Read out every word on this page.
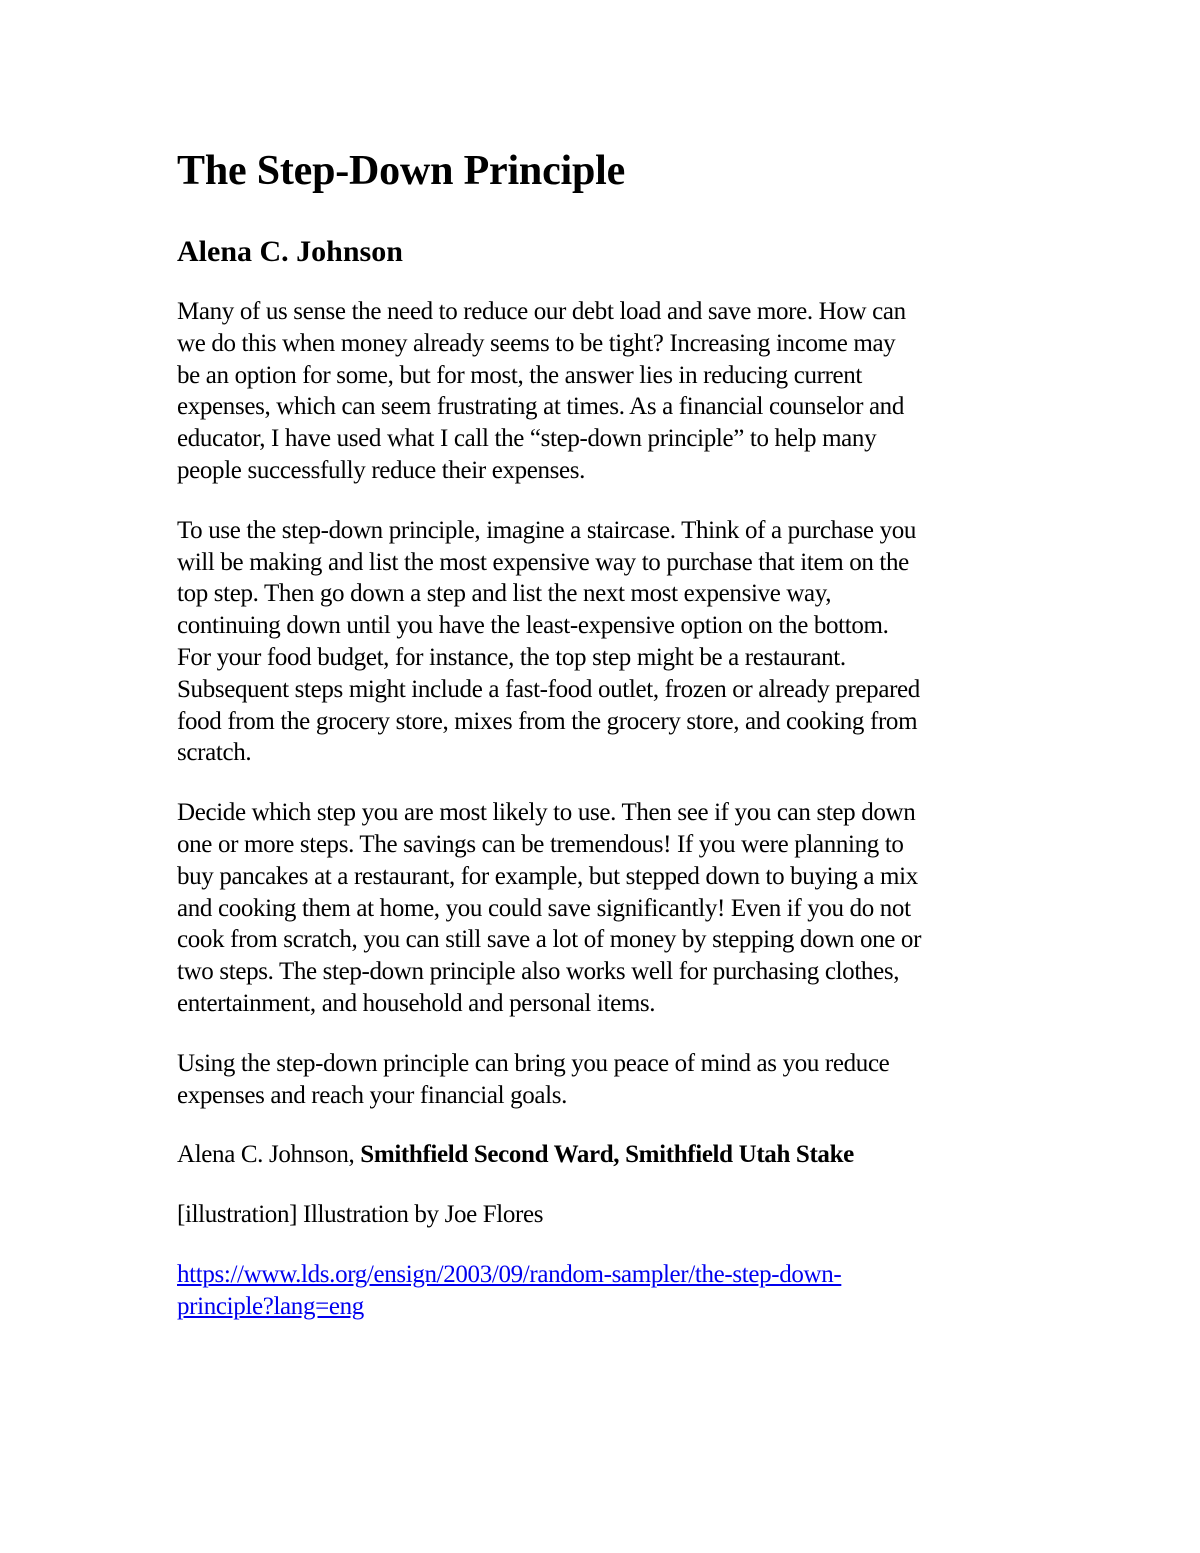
The Step-Down Principle
Alena C. Johnson
Many of us sense the need to reduce our debt load and save more. How can
we do this when money already seems to be tight? Increasing income may
be an option for some, but for most, the answer lies in reducing current
expenses, which can seem frustrating at times. As a financial counselor and
educator, I have used what I call the “step-down principle” to help many
people successfully reduce their expenses.
To use the step-down principle, imagine a staircase. Think of a purchase you
will be making and list the most expensive way to purchase that item on the
top step. Then go down a step and list the next most expensive way,
continuing down until you have the least-expensive option on the bottom.
For your food budget, for instance, the top step might be a restaurant.
Subsequent steps might include a fast-food outlet, frozen or already prepared
food from the grocery store, mixes from the grocery store, and cooking from
scratch.
Decide which step you are most likely to use. Then see if you can step down
one or more steps. The savings can be tremendous! If you were planning to
buy pancakes at a restaurant, for example, but stepped down to buying a mix
and cooking them at home, you could save significantly! Even if you do not
cook from scratch, you can still save a lot of money by stepping down one or
two steps. The step-down principle also works well for purchasing clothes,
entertainment, and household and personal items.
Using the step-down principle can bring you peace of mind as you reduce
expenses and reach your financial goals.
Alena C. Johnson, Smithfield Second Ward, Smithfield Utah Stake
[illustration] Illustration by Joe Flores
https://www.lds.org/ensign/2003/09/random-sampler/the-step-down-
principle?lang=eng
